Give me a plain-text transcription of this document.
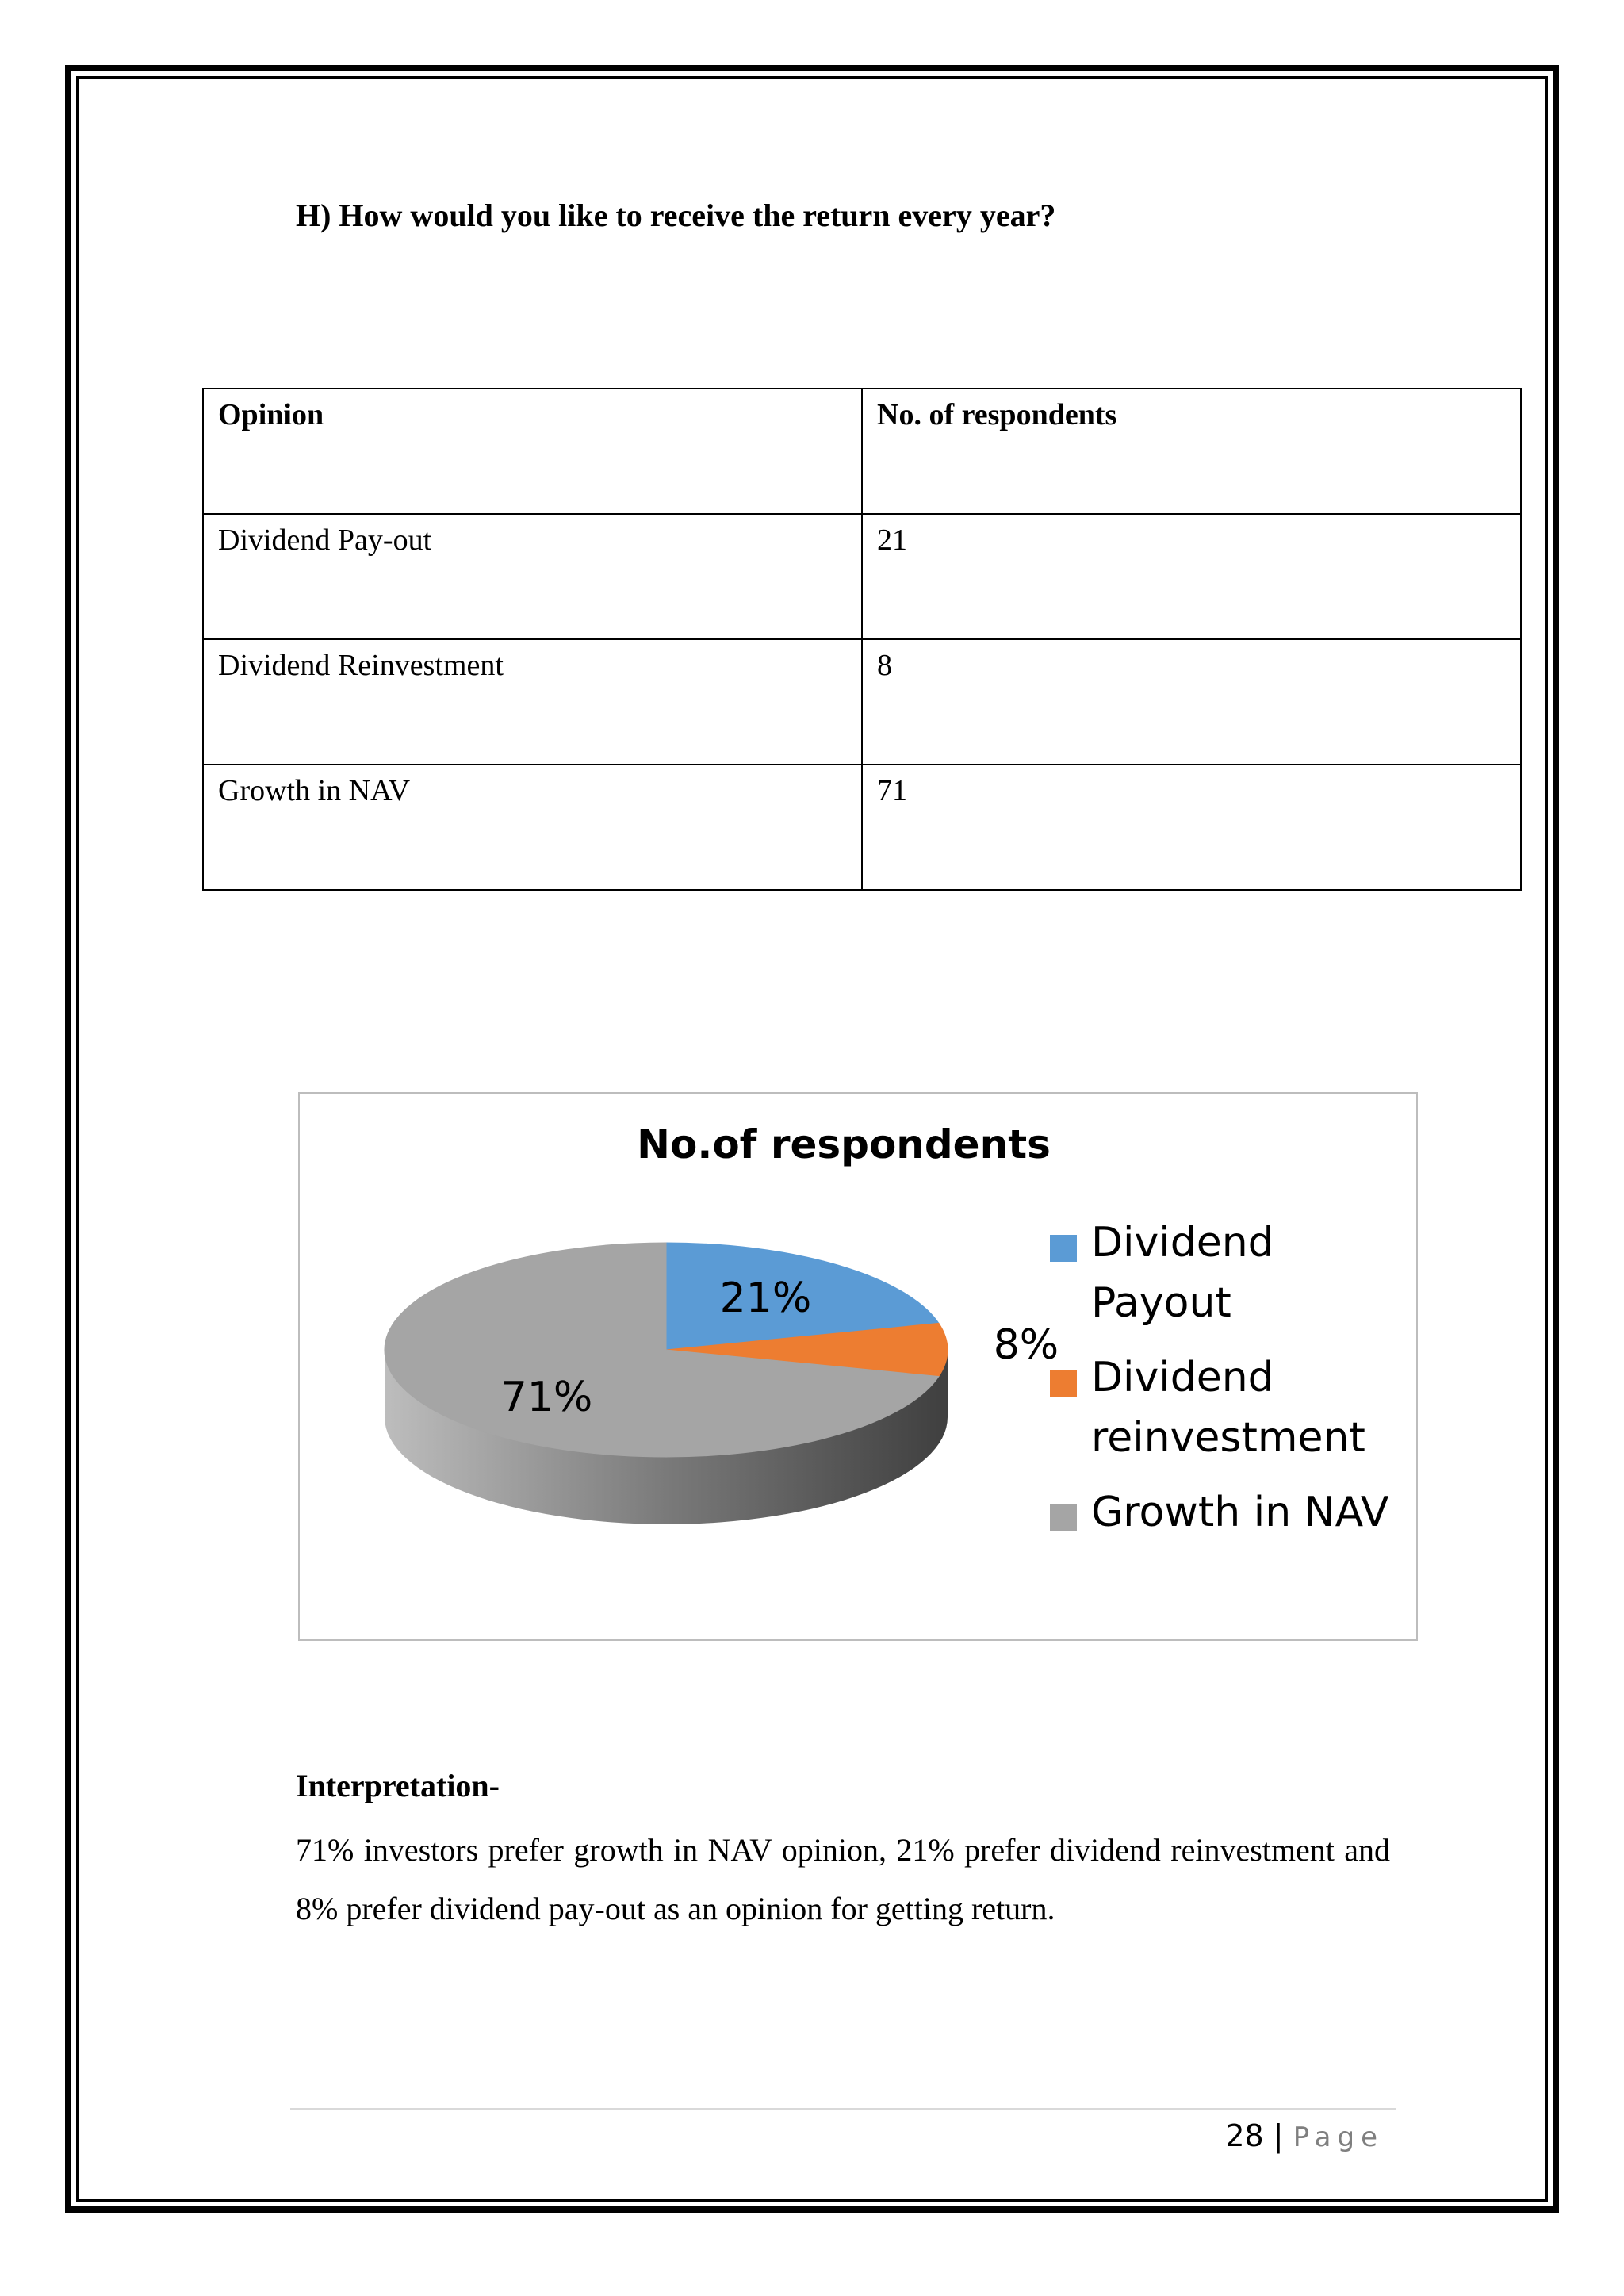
H) How would you like to receive the return every year?
Opinion	No. of respondents
Dividend Pay-out	21
Dividend Reinvestment	8
Growth in NAV	71
No.of respondents
21%
8%
71%
Dividend Payout
Dividend reinvestment
Growth in NAV
Interpretation-
71% investors prefer growth in NAV opinion, 21% prefer dividend reinvestment and 8% prefer dividend pay-out as an opinion for getting return.
28 | Page
